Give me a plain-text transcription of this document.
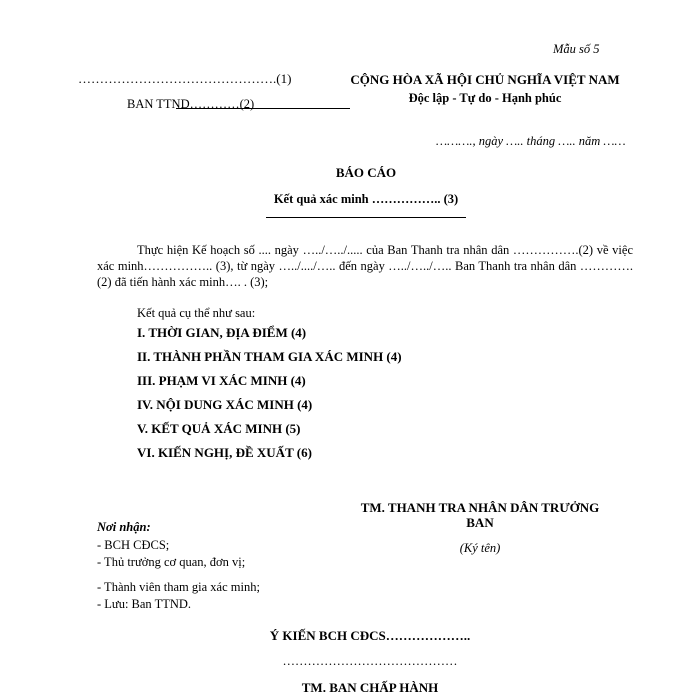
Mẫu số 5
……………………………………….(1)
BAN TTND…………(2)
CỘNG HÒA XÃ HỘI CHỦ NGHĨA VIỆT NAM
Độc lập - Tự do - Hạnh phúc
………., ngày ….. tháng ….. năm ……
BÁO CÁO
Kết quả xác minh …………….. (3)
Thực hiện Kế hoạch số .... ngày …../…../..... của Ban Thanh tra nhân dân …………….(2) về việc xác minh…………….. (3), từ ngày …../..../….. đến ngày …../…../….. Ban Thanh tra nhân dân …………. (2) đã tiến hành xác minh…. . (3);
Kết quả cụ thể như sau:
I. THỜI GIAN, ĐỊA ĐIỂM (4)
II. THÀNH PHẦN THAM GIA XÁC MINH (4)
III. PHẠM VI XÁC MINH (4)
IV. NỘI DUNG XÁC MINH (4)
V. KẾT QUẢ XÁC MINH (5)
VI. KIẾN NGHỊ, ĐỀ XUẤT (6)
TM. THANH TRA NHÂN DÂN TRƯỞNG
BAN
(Ký tên)
Nơi nhận:
- BCH CĐCS;
- Thủ trưởng cơ quan, đơn vị;
- Thành viên tham gia xác minh;
- Lưu: Ban TTND.
Ý KIẾN BCH CĐCS………………..
……………………………………
TM. BAN CHẤP HÀNH
